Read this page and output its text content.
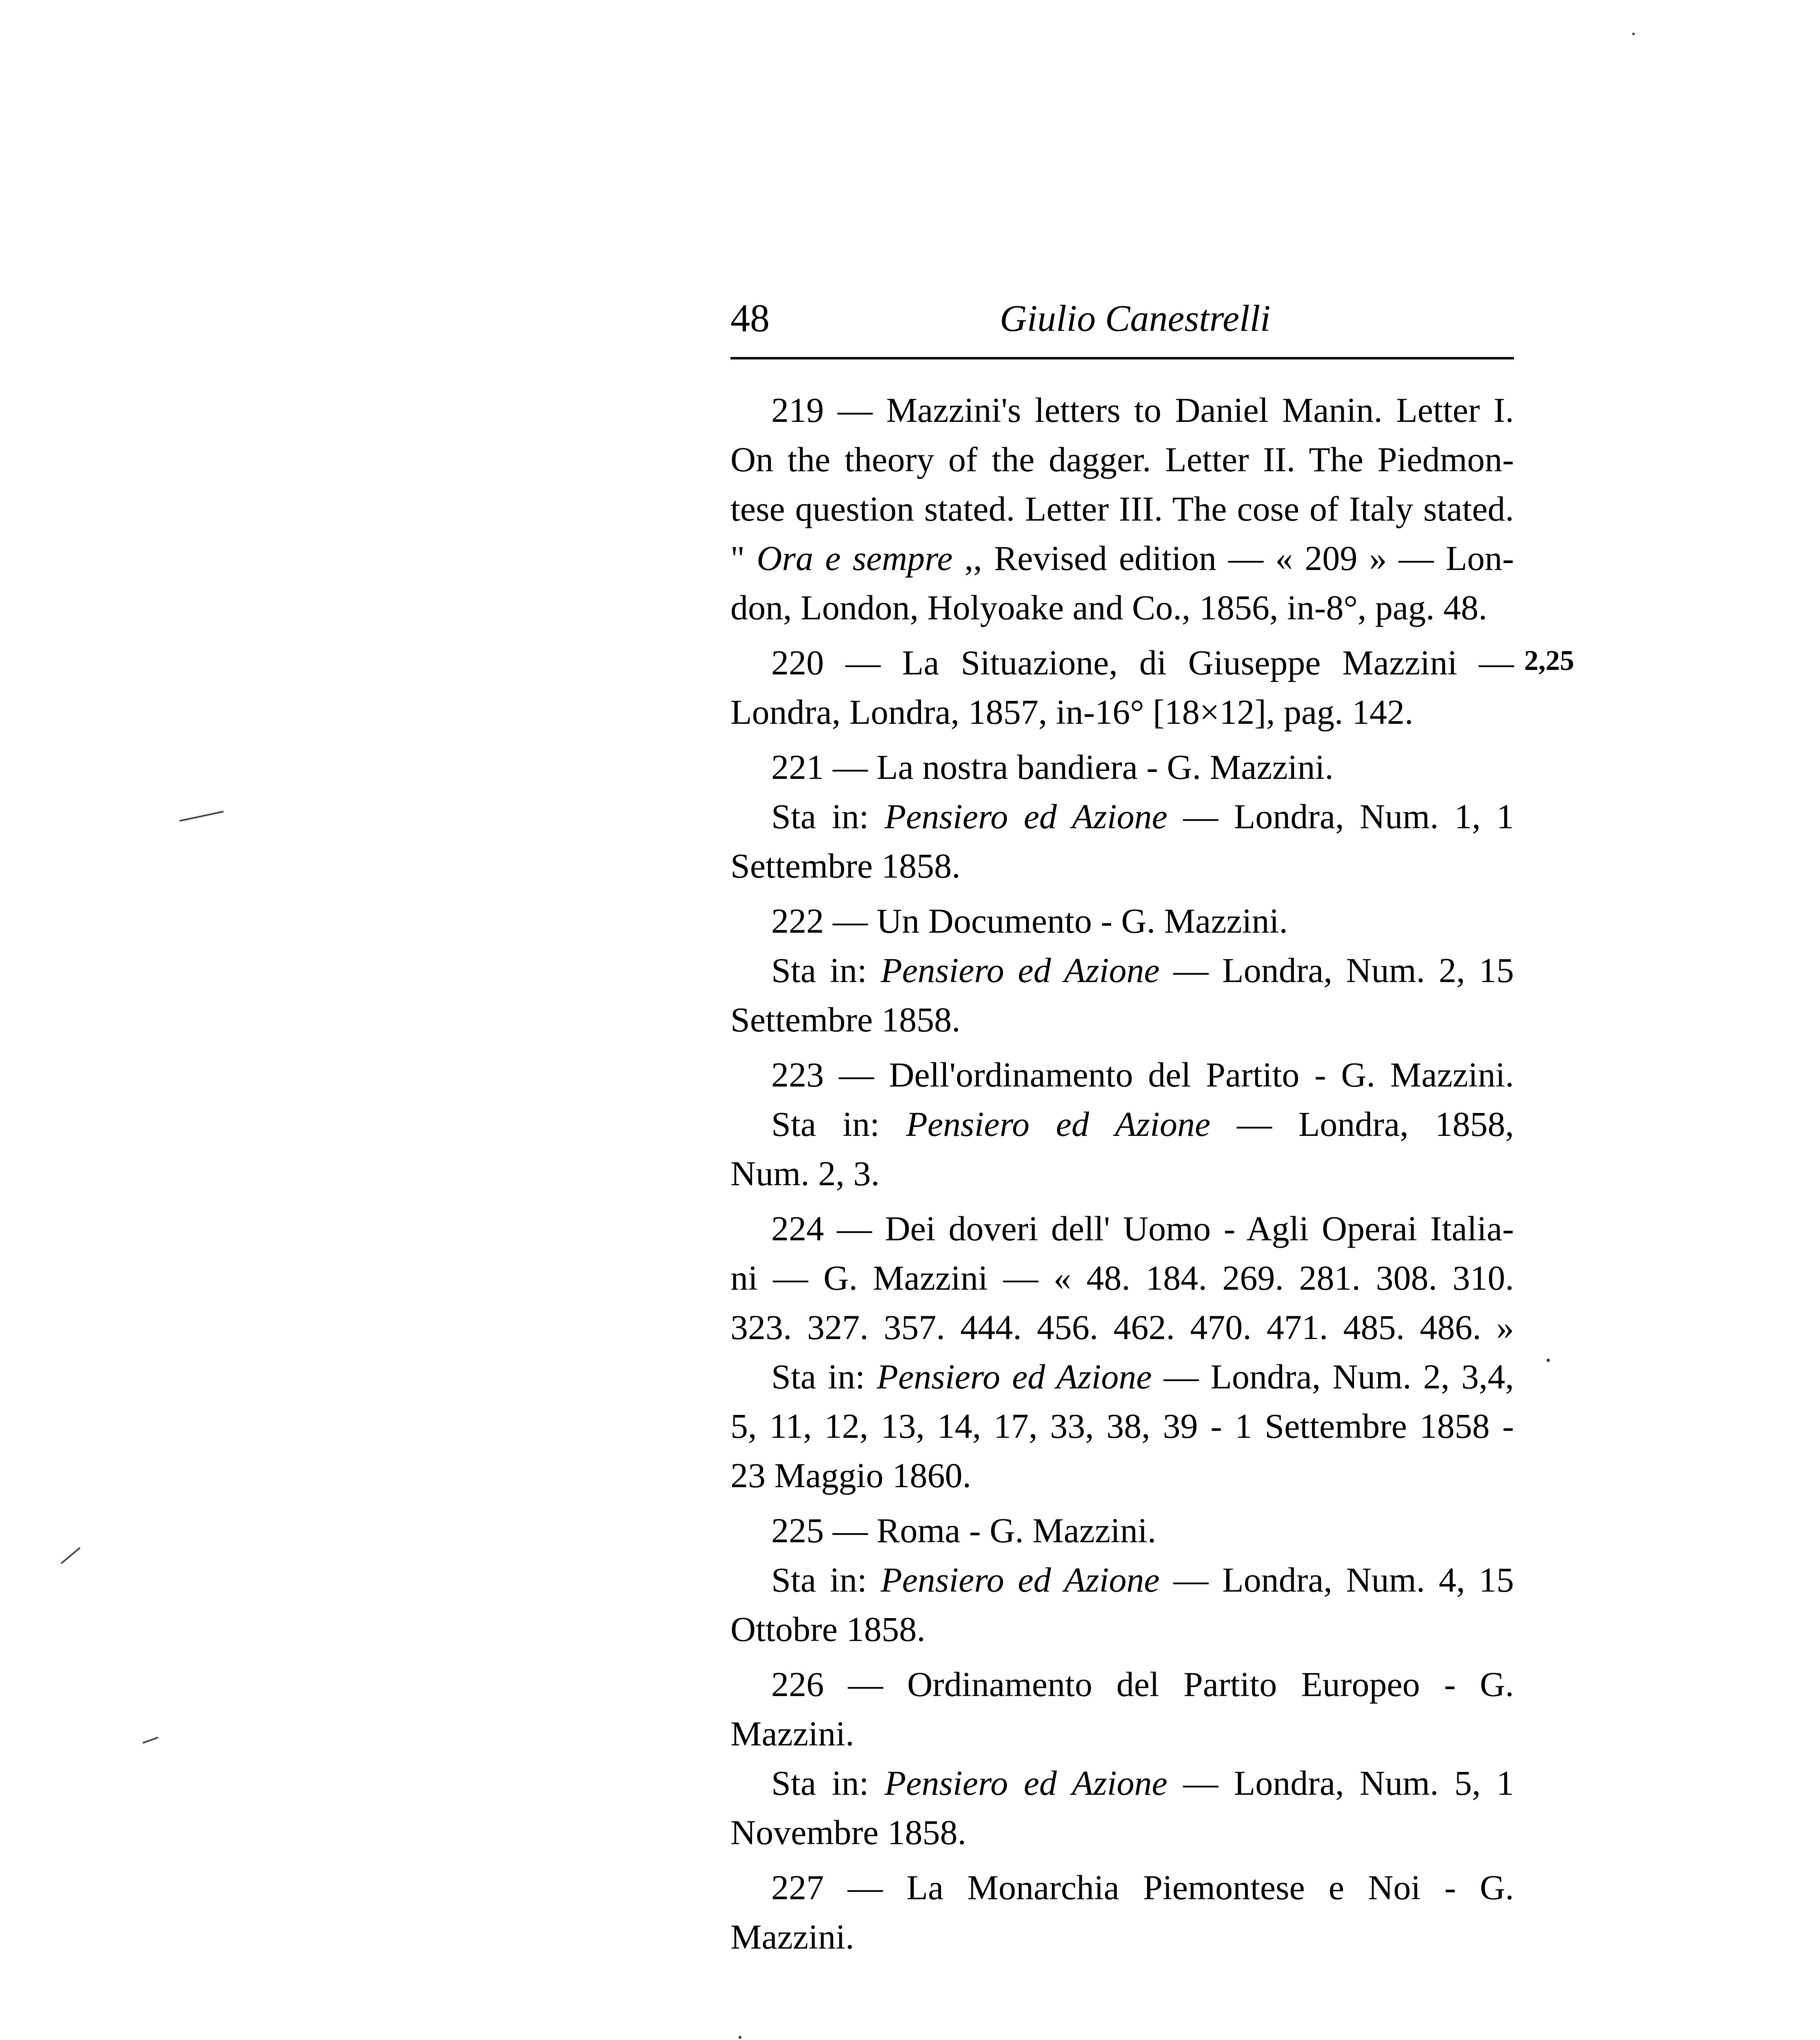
48	Giulio Canestrelli
2,25
219 — Mazzini's letters to Daniel Manin. Letter I.
On the theory of the dagger. Letter II. The Piedmon-
tese question stated. Letter III. The cose of Italy stated.
" Ora e sempre ,, Revised edition — « 209 » — Lon-
don, London, Holyoake and Co., 1856, in-8°, pag. 48.
220 — La Situazione, di Giuseppe Mazzini —
Londra, Londra, 1857, in-16° [18×12], pag. 142.
221 — La nostra bandiera - G. Mazzini.
Sta in: Pensiero ed Azione — Londra, Num. 1, 1
Settembre 1858.
222 — Un Documento - G. Mazzini.
Sta in: Pensiero ed Azione — Londra, Num. 2, 15
Settembre 1858.
223 — Dell'ordinamento del Partito - G. Mazzini.
Sta in: Pensiero ed Azione — Londra, 1858,
Num. 2, 3.
224 — Dei doveri dell' Uomo - Agli Operai Italia-
ni — G. Mazzini — « 48. 184. 269. 281. 308. 310.
323. 327. 357. 444. 456. 462. 470. 471. 485. 486. »
Sta in: Pensiero ed Azione — Londra, Num. 2, 3,4,
5, 11, 12, 13, 14, 17, 33, 38, 39 - 1 Settembre 1858 -
23 Maggio 1860.
225 — Roma - G. Mazzini.
Sta in: Pensiero ed Azione — Londra, Num. 4, 15
Ottobre 1858.
226 — Ordinamento del Partito Europeo - G.
Mazzini.
Sta in: Pensiero ed Azione — Londra, Num. 5, 1
Novembre 1858.
227 — La Monarchia Piemontese e Noi - G.
Mazzini.
